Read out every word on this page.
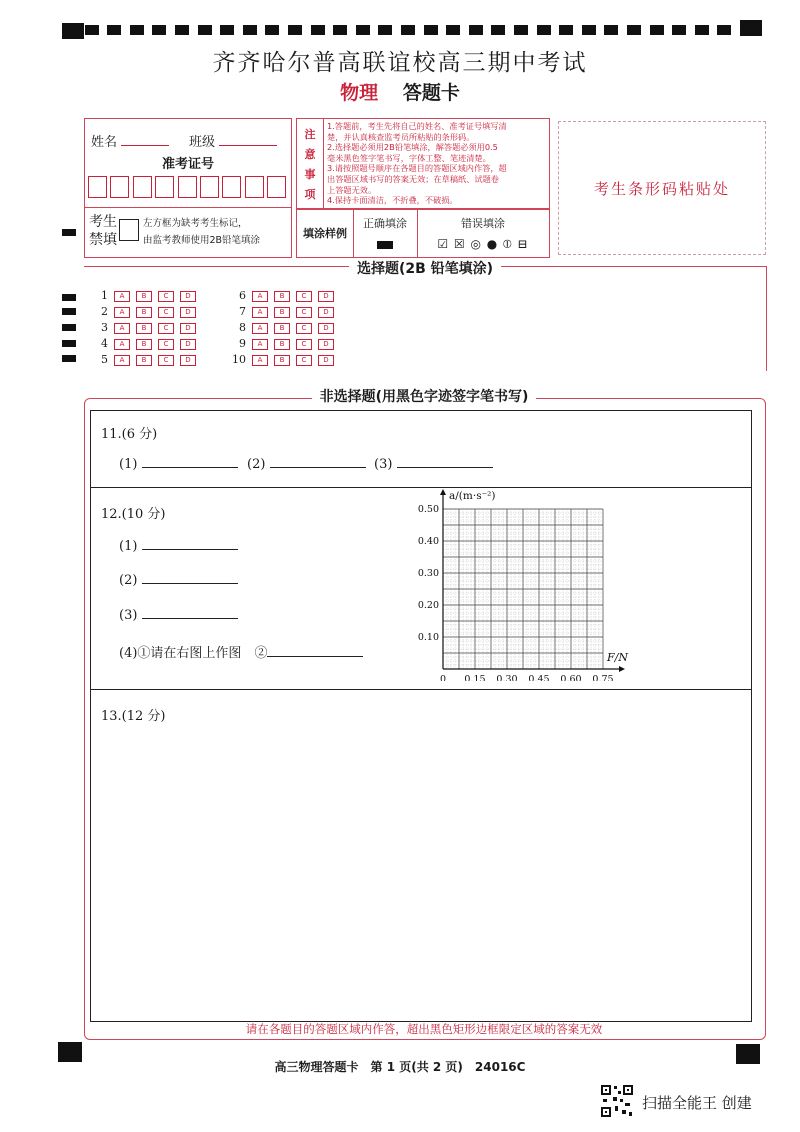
齐齐哈尔普高联谊校高三期中考试
物理 答题卡
姓名	班级
准考证号
考生禁填
左方框为缺考考生标记，
由监考教师使用2B铅笔填涂
注
意
事
项
1.答题前，考生先将自己的姓名、准考证号填写清
楚，并认真核查监考员所粘贴的条形码。
2.选择题必须用2B铅笔填涂，解答题必须用0.5
毫米黑色签字笔书写，字体工整、笔迹清楚。
3.请按照题号顺序在各题目的答题区域内作答，超
出答题区域书写的答案无效；在草稿纸、试题卷
上答题无效。
4.保持卡面清洁，不折叠，不破损。
填涂样例
正确填涂	错误填涂
☑ ☒ ◎ ● ⦶ ⊟
考生条形码粘贴处
选择题(2B 铅笔填涂)
1 A B C D
2 A B C D
3 A B C D
4 A B C D
5 A B C D
6 A B C D
7 A B C D
8 A B C D
9 A B C D
10 A B C D
非选择题(用黑色字迹签字笔书写)
11.(6 分)
(1)	(2)	(3)
12.(10 分)
(1)
(2)
(3)
(4)①请在右图上作图　 ②
0 0.15 0.30 0.45 0.60 0.75
0.10
0.20
0.30
0.40
0.50
F/N
a/(m·s⁻²)
13.(12 分)
请在各题目的答题区域内作答，超出黑色矩形边框限定区域的答案无效
高三物理答题卡　第 1 页(共 2 页)　24016C
扫描全能王 创建
